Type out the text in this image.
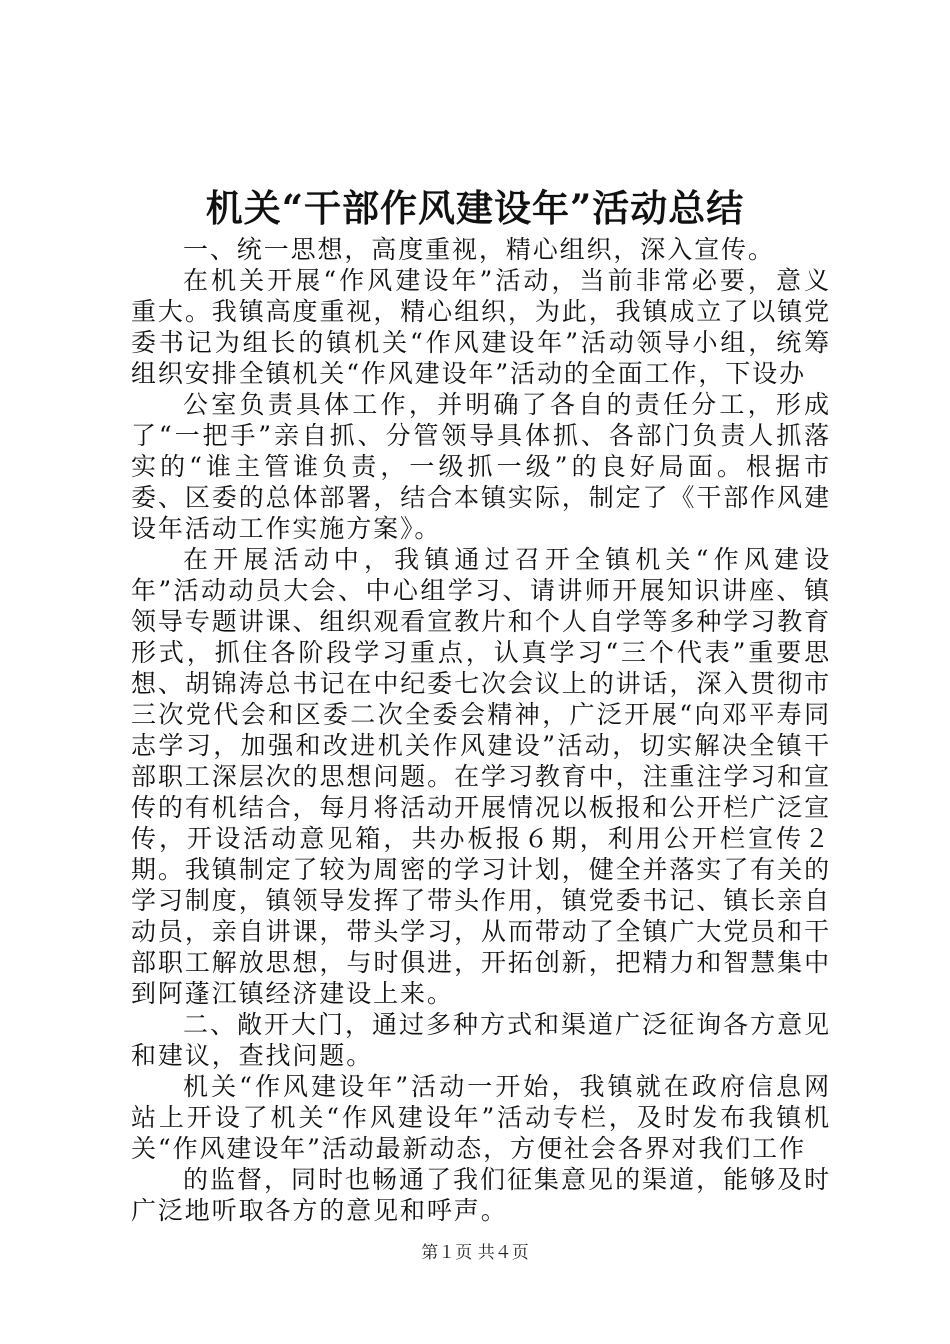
机关“干部作风建设年”活动总结

一、统一思想，高度重视，精心组织，深入宣传。

在机关开展“作风建设年”活动，当前非常必要，意义重大。我镇高度重视，精心组织，为此，我镇成立了以镇党委书记为组长的镇机关“作风建设年”活动领导小组，统筹组织安排全镇机关“作风建设年”活动的全面工作，下设办

公室负责具体工作，并明确了各自的责任分工，形成了“一把手”亲自抓、分管领导具体抓、各部门负责人抓落实的“谁主管谁负责，一级抓一级”的良好局面。根据市委、区委的总体部署，结合本镇实际，制定了《干部作风建设年活动工作实施方案》。

在开展活动中，我镇通过召开全镇机关“作风建设年”活动动员大会、中心组学习、请讲师开展知识讲座、镇领导专题讲课、组织观看宣教片和个人自学等多种学习教育形式，抓住各阶段学习重点，认真学习“三个代表”重要思想、胡锦涛总书记在中纪委七次会议上的讲话，深入贯彻市三次党代会和区委二次全委会精神，广泛开展“向邓平寿同志学习，加强和改进机关作风建设”活动，切实解决全镇干部职工深层次的思想问题。在学习教育中，注重注学习和宣传的有机结合，每月将活动开展情况以板报和公开栏广泛宣传，开设活动意见箱，共办板报６期，利用公开栏宣传２期。我镇制定了较为周密的学习计划，健全并落实了有关的学习制度，镇领导发挥了带头作用，镇党委书记、镇长亲自动员，亲自讲课，带头学习，从而带动了全镇广大党员和干部职工解放思想，与时俱进，开拓创新，把精力和智慧集中到阿蓬江镇经济建设上来。

二、敞开大门，通过多种方式和渠道广泛征询各方意见和建议，查找问题。

机关“作风建设年”活动一开始，我镇就在政府信息网站上开设了机关“作风建设年”活动专栏，及时发布我镇机关“作风建设年”活动最新动态，方便社会各界对我们工作

的监督，同时也畅通了我们征集意见的渠道，能够及时广泛地听取各方的意见和呼声。

第１页 共４页
